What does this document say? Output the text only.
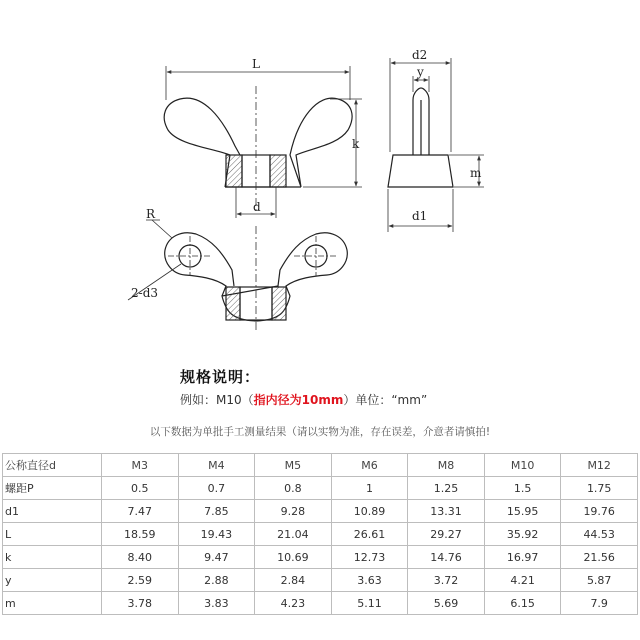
L
k
d
R
2-d3
d2
y
m
d1
规格说明：
例如：M10（指内径为10mm）单位：“mm”
以下数据为单批手工测量结果（请以实物为准，存在误差，介意者请慎拍!
公称直径d	M3	M4	M5	M6	M8	M10	M12
螺距P	0.5	0.7	0.8	1	1.25	1.5	1.75
d1	7.47	7.85	9.28	10.89	13.31	15.95	19.76
L	18.59	19.43	21.04	26.61	29.27	35.92	44.53
k	8.40	9.47	10.69	12.73	14.76	16.97	21.56
y	2.59	2.88	2.84	3.63	3.72	4.21	5.87
m	3.78	3.83	4.23	5.11	5.69	6.15	7.9
